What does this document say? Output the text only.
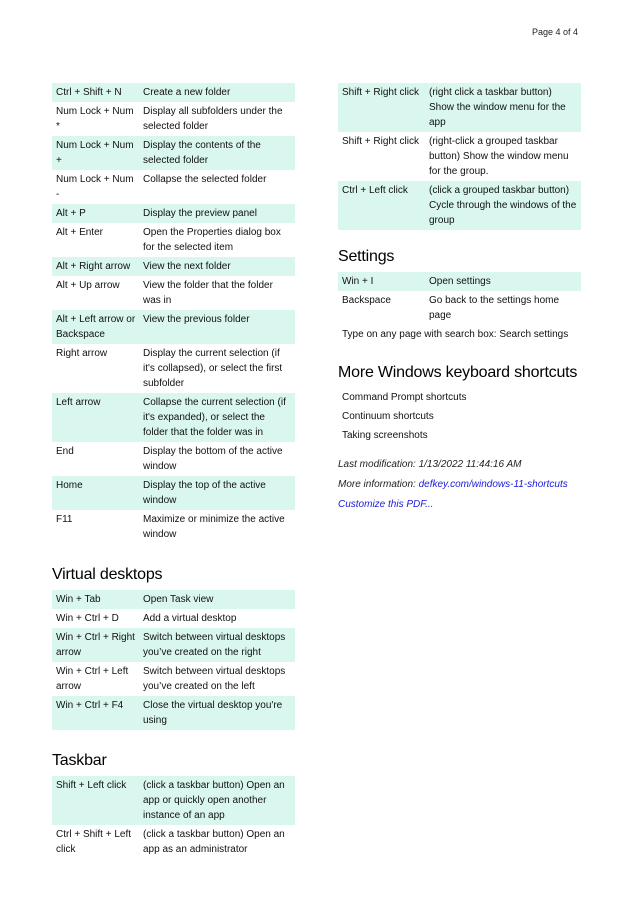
Page 4 of 4
Ctrl + Shift + N	Create a new folder
Num Lock + Num *	Display all subfolders under the selected folder
Num Lock + Num +	Display the contents of the selected folder
Num Lock + Num -	Collapse the selected folder
Alt + P	Display the preview panel
Alt + Enter	Open the Properties dialog box for the selected item
Alt + Right arrow	View the next folder
Alt + Up arrow	View the folder that the folder was in
Alt + Left arrow or Backspace	View the previous folder
Right arrow	Display the current selection (if it's collapsed), or select the first subfolder
Left arrow	Collapse the current selection (if it's expanded), or select the folder that the folder was in
End	Display the bottom of the active window
Home	Display the top of the active window
F11	Maximize or minimize the active window
Virtual desktops
Win + Tab	Open Task view
Win + Ctrl + D	Add a virtual desktop
Win + Ctrl + Right arrow	Switch between virtual desktops you’ve created on the right
Win + Ctrl + Left arrow	Switch between virtual desktops you’ve created on the left
Win + Ctrl + F4	Close the virtual desktop you're using
Taskbar
Shift + Left click	(click a taskbar button) Open an app or quickly open another instance of an app
Ctrl + Shift + Left click	(click a taskbar button) Open an app as an administrator
Shift + Right click	(right click a taskbar button) Show the window menu for the app
Shift + Right click	(right-click a grouped taskbar button) Show the window menu for the group.
Ctrl + Left click	(click a grouped taskbar button) Cycle through the windows of the group
Settings
Win + I	Open settings
Backspace	Go back to the settings home page
Type on any page with search box: Search settings
More Windows keyboard shortcuts
Command Prompt shortcuts
Continuum shortcuts
Taking screenshots
Last modification: 1/13/2022 11:44:16 AM
More information: defkey.com/windows-11-shortcuts
Customize this PDF...
